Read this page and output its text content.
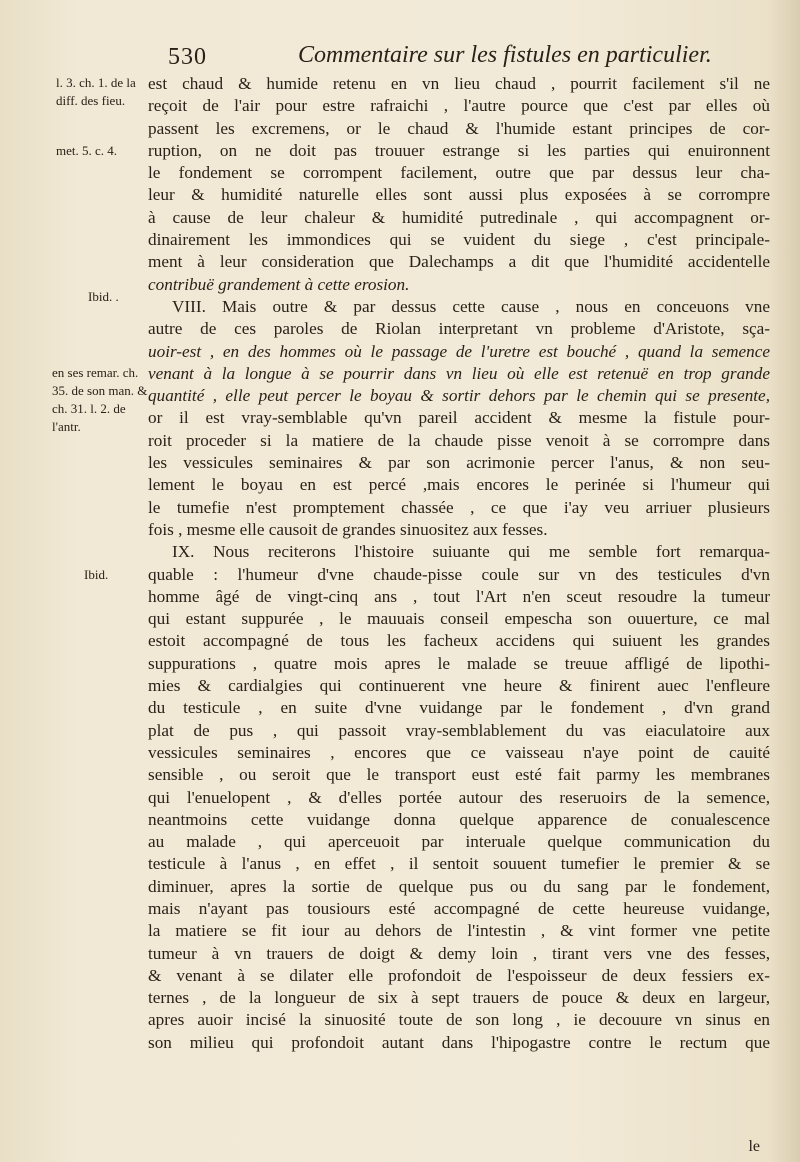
530	Commentaire sur les fistules en particulier.
l. 3. ch. 1. de la diff. des fieu.
met. 5. c. 4.
Ibid. .
en ses remar. ch. 35. de son man. & ch. 31. l. 2. de l'antr.
Ibid.
est chaud & humide retenu en vn lieu chaud , pourrit facilement s'il ne
reçoit de l'air pour estre rafraichi , l'autre pource que c'est par elles où
passent les excremens, or le chaud & l'humide estant principes de cor-
ruption, on ne doit pas trouuer estrange si les parties qui enuironnent
le fondement se corrompent facilement, outre que par dessus leur cha-
leur & humidité naturelle elles sont aussi plus exposées à se corrompre
à cause de leur chaleur & humidité putredinale , qui accompagnent or-
dinairement les immondices qui se vuident du siege , c'est principale-
ment à leur consideration que Dalechamps a dit que l'humidité accidentelle
contribuë grandement à cette erosion.
VIII. Mais outre & par dessus cette cause , nous en conceuons vne
autre de ces paroles de Riolan interpretant vn probleme d'Aristote, sça-
uoir-est , en des hommes où le passage de l'uretre est bouché , quand la semence
venant à la longue à se pourrir dans vn lieu où elle est retenuë en trop grande
quantité , elle peut percer le boyau & sortir dehors par le chemin qui se presente,
or il est vray-semblable qu'vn pareil accident & mesme la fistule pour-
roit proceder si la matiere de la chaude pisse venoit à se corrompre dans
les vessicules seminaires & par son acrimonie percer l'anus, & non seu-
lement le boyau en est percé ,mais encores le perinée si l'humeur qui
le tumefie n'est promptement chassée , ce que i'ay veu arriuer plusieurs
fois , mesme elle causoit de grandes sinuositez aux fesses.
IX. Nous reciterons l'histoire suiuante qui me semble fort remarqua-
quable : l'humeur d'vne chaude-pisse coule sur vn des testicules d'vn
homme âgé de vingt-cinq ans , tout l'Art n'en sceut resoudre la tumeur
qui estant suppurée , le mauuais conseil empescha son ouuerture, ce mal
estoit accompagné de tous les facheux accidens qui suiuent les grandes
suppurations , quatre mois apres le malade se treuue affligé de lipothi-
mies & cardialgies qui continuerent vne heure & finirent auec l'enfleure
du testicule , en suite d'vne vuidange par le fondement , d'vn grand
plat de pus , qui passoit vray-semblablement du vas eiaculatoire aux
vessicules seminaires , encores que ce vaisseau n'aye point de cauité
sensible , ou seroit que le transport eust esté fait parmy les membranes
qui l'enuelopent , & d'elles portée autour des reseruoirs de la semence,
neantmoins cette vuidange donna quelque apparence de conualescence
au malade , qui aperceuoit par interuale quelque communication du
testicule à l'anus , en effet , il sentoit souuent tumefier le premier & se
diminuer, apres la sortie de quelque pus ou du sang par le fondement,
mais n'ayant pas tousiours esté accompagné de cette heureuse vuidange,
la matiere se fit iour au dehors de l'intestin , & vint former vne petite
tumeur à vn trauers de doigt & demy loin , tirant vers vne des fesses,
& venant à se dilater elle profondoit de l'espoisseur de deux fessiers ex-
ternes , de la longueur de six à sept trauers de pouce & deux en largeur,
apres auoir incisé la sinuosité toute de son long , ie decouure vn sinus en
son milieu qui profondoit autant dans l'hipogastre contre le rectum que
le
